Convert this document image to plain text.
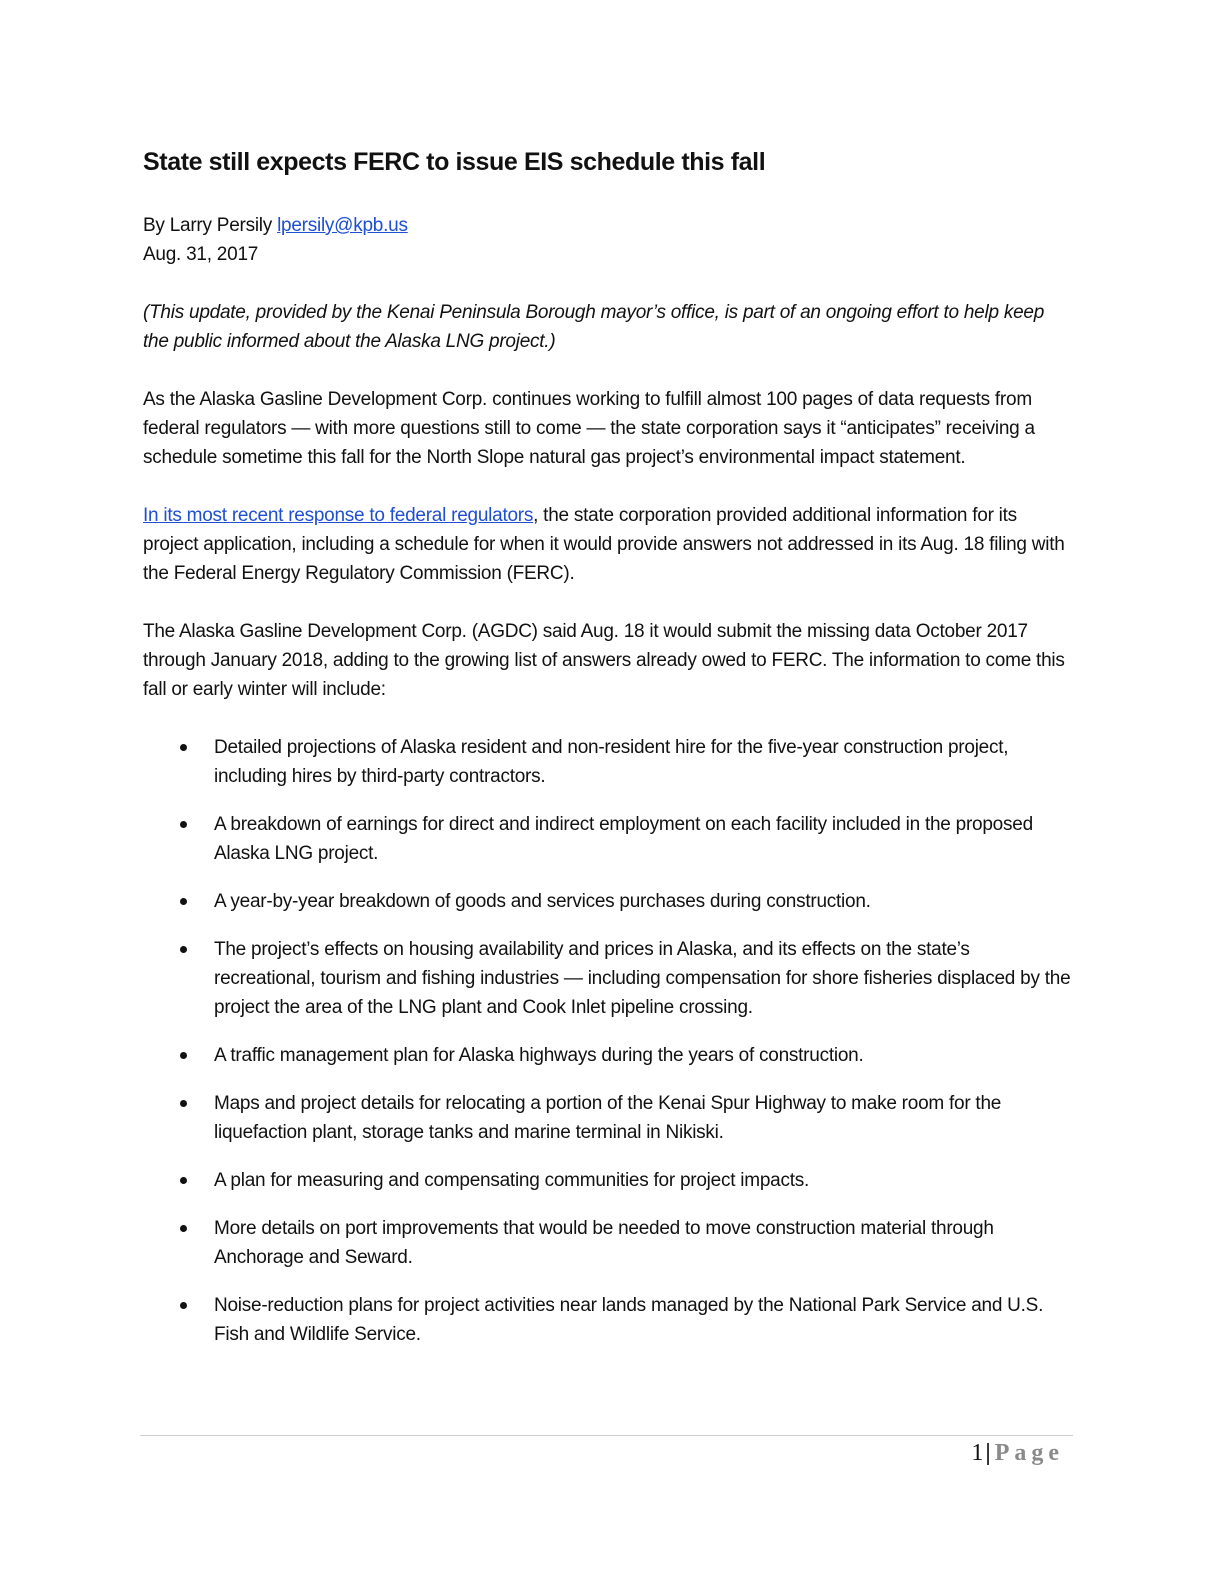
State still expects FERC to issue EIS schedule this fall

By Larry Persily lpersily@kpb.us

Aug. 31, 2017

(This update, provided by the Kenai Peninsula Borough mayor’s office, is part of an ongoing effort to help keep the public informed about the Alaska LNG project.)

As the Alaska Gasline Development Corp. continues working to fulfill almost 100 pages of data requests from federal regulators — with more questions still to come — the state corporation says it “anticipates” receiving a schedule sometime this fall for the North Slope natural gas project’s environmental impact statement.

In its most recent response to federal regulators, the state corporation provided additional information for its project application, including a schedule for when it would provide answers not addressed in its Aug. 18 filing with the Federal Energy Regulatory Commission (FERC).

The Alaska Gasline Development Corp. (AGDC) said Aug. 18 it would submit the missing data October 2017 through January 2018, adding to the growing list of answers already owed to FERC. The information to come this fall or early winter will include:

Detailed projections of Alaska resident and non-resident hire for the five-year construction project, including hires by third-party contractors.
A breakdown of earnings for direct and indirect employment on each facility included in the proposed Alaska LNG project.
A year-by-year breakdown of goods and services purchases during construction.
The project’s effects on housing availability and prices in Alaska, and its effects on the state’s recreational, tourism and fishing industries — including compensation for shore fisheries displaced by the project the area of the LNG plant and Cook Inlet pipeline crossing.
A traffic management plan for Alaska highways during the years of construction.
Maps and project details for relocating a portion of the Kenai Spur Highway to make room for the liquefaction plant, storage tanks and marine terminal in Nikiski.
A plan for measuring and compensating communities for project impacts.
More details on port improvements that would be needed to move construction material through Anchorage and Seward.
Noise-reduction plans for project activities near lands managed by the National Park Service and U.S. Fish and Wildlife Service.
1| Page
